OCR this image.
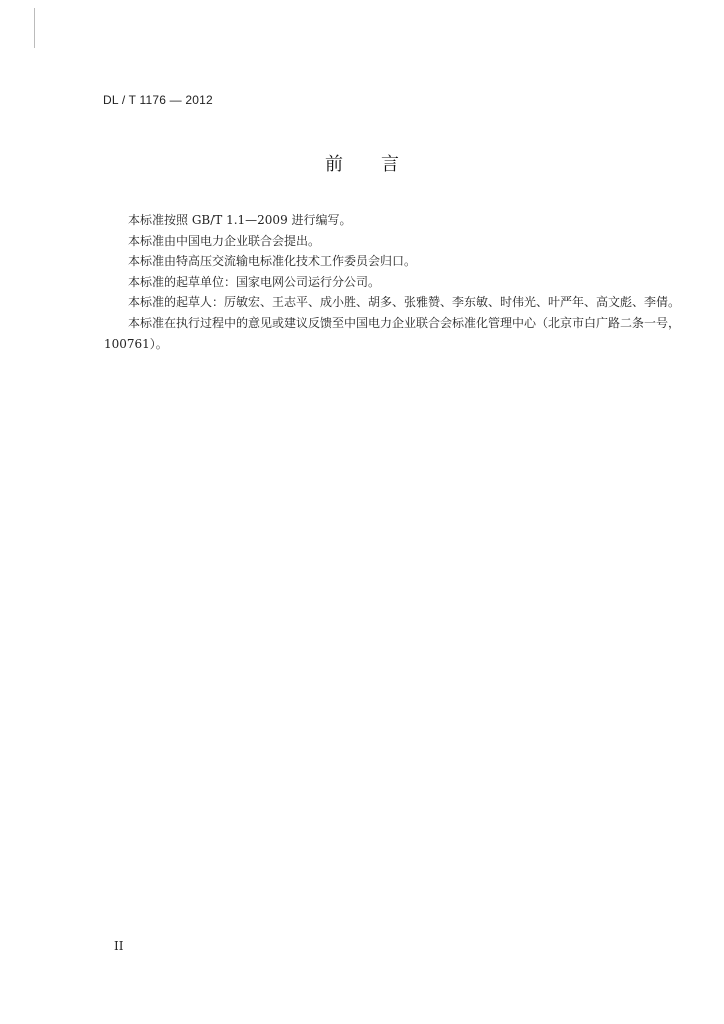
DL / T 1176 — 2012
前言

本标准按照 GB/T 1.1—2009 进行编写。

本标准由中国电力企业联合会提出。

本标准由特高压交流输电标准化技术工作委员会归口。

本标准的起草单位：国家电网公司运行分公司。

本标准的起草人：厉敏宏、王志平、成小胜、胡多、张雅赞、李东敏、时伟光、叶严年、高文彪、李倩。

本标准在执行过程中的意见或建议反馈至中国电力企业联合会标准化管理中心（北京市白广路二条一号，100761）。

II
